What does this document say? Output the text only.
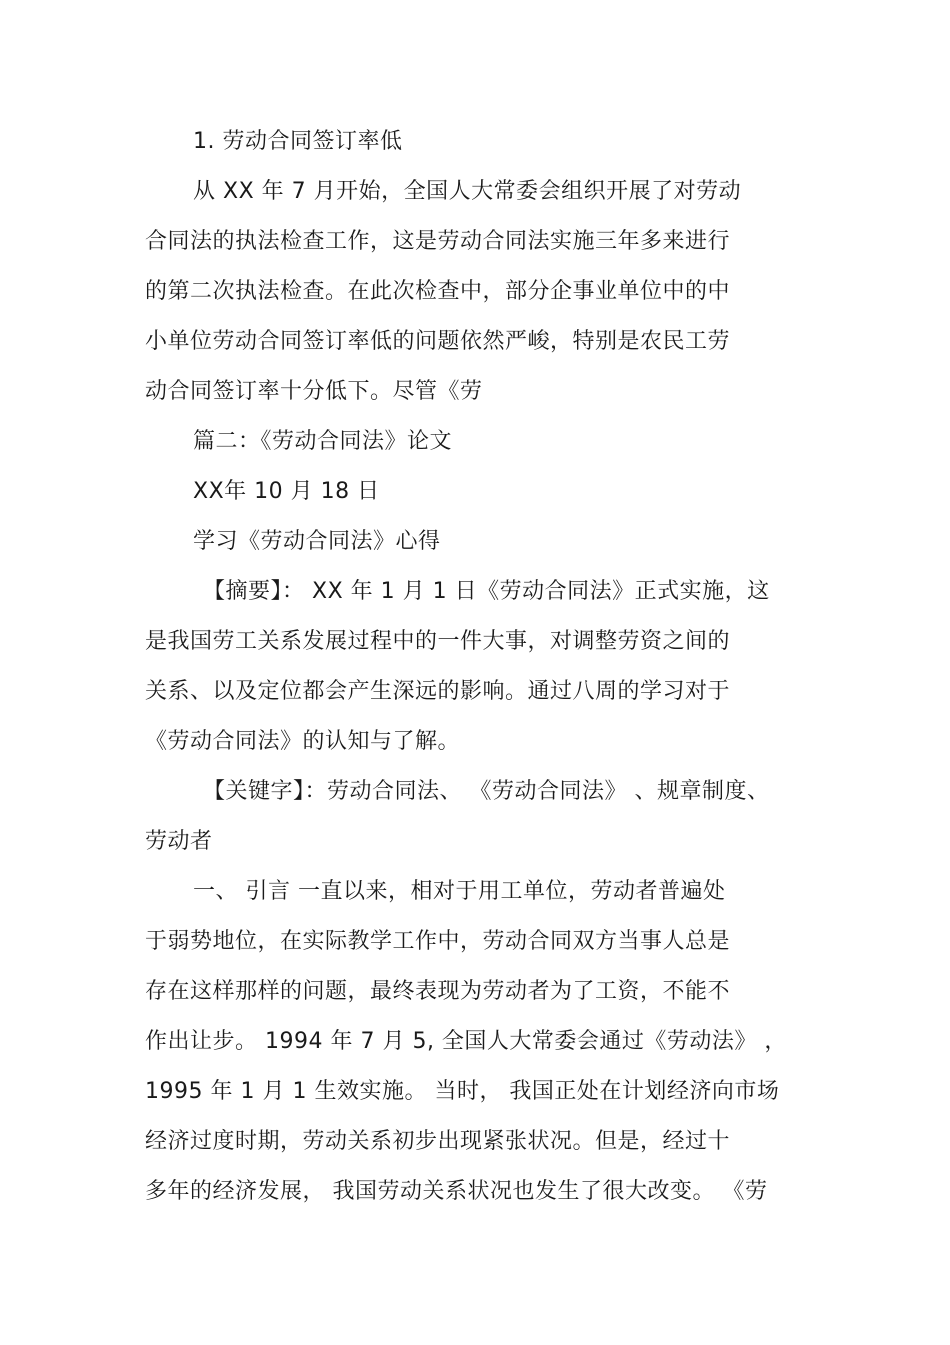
1. 劳动合同签订率低
从 XX 年 7 月开始，全国人大常委会组织开展了对劳动
合同法的执法检查工作，这是劳动合同法实施三年多来进行
的第二次执法检查。在此次检查中，部分企事业单位中的中
小单位劳动合同签订率低的问题依然严峻，特别是农民工劳
动合同签订率十分低下。尽管《劳
篇二：《劳动合同法》论文
XX年 10 月 18 日
学习《劳动合同法》心得
【摘要】： XX 年 1 月 1 日《劳动合同法》正式实施，这
是我国劳工关系发展过程中的一件大事，对调整劳资之间的
关系、以及定位都会产生深远的影响。通过八周的学习对于
《劳动合同法》的认知与了解。
【关键字】：劳动合同法、 《劳动合同法》 、规章制度、
劳动者
一、 引言 一直以来，相对于用工单位，劳动者普遍处
于弱势地位，在实际教学工作中，劳动合同双方当事人总是
存在这样那样的问题，最终表现为劳动者为了工资，不能不
作出让步。 1994 年 7 月 5, 全国人大常委会通过《劳动法》 ，
1995 年 1 月 1 生效实施。 当时， 我国正处在计划经济向市场
经济过度时期，劳动关系初步出现紧张状况。但是，经过十
多年的经济发展， 我国劳动关系状况也发生了很大改变。 《劳
